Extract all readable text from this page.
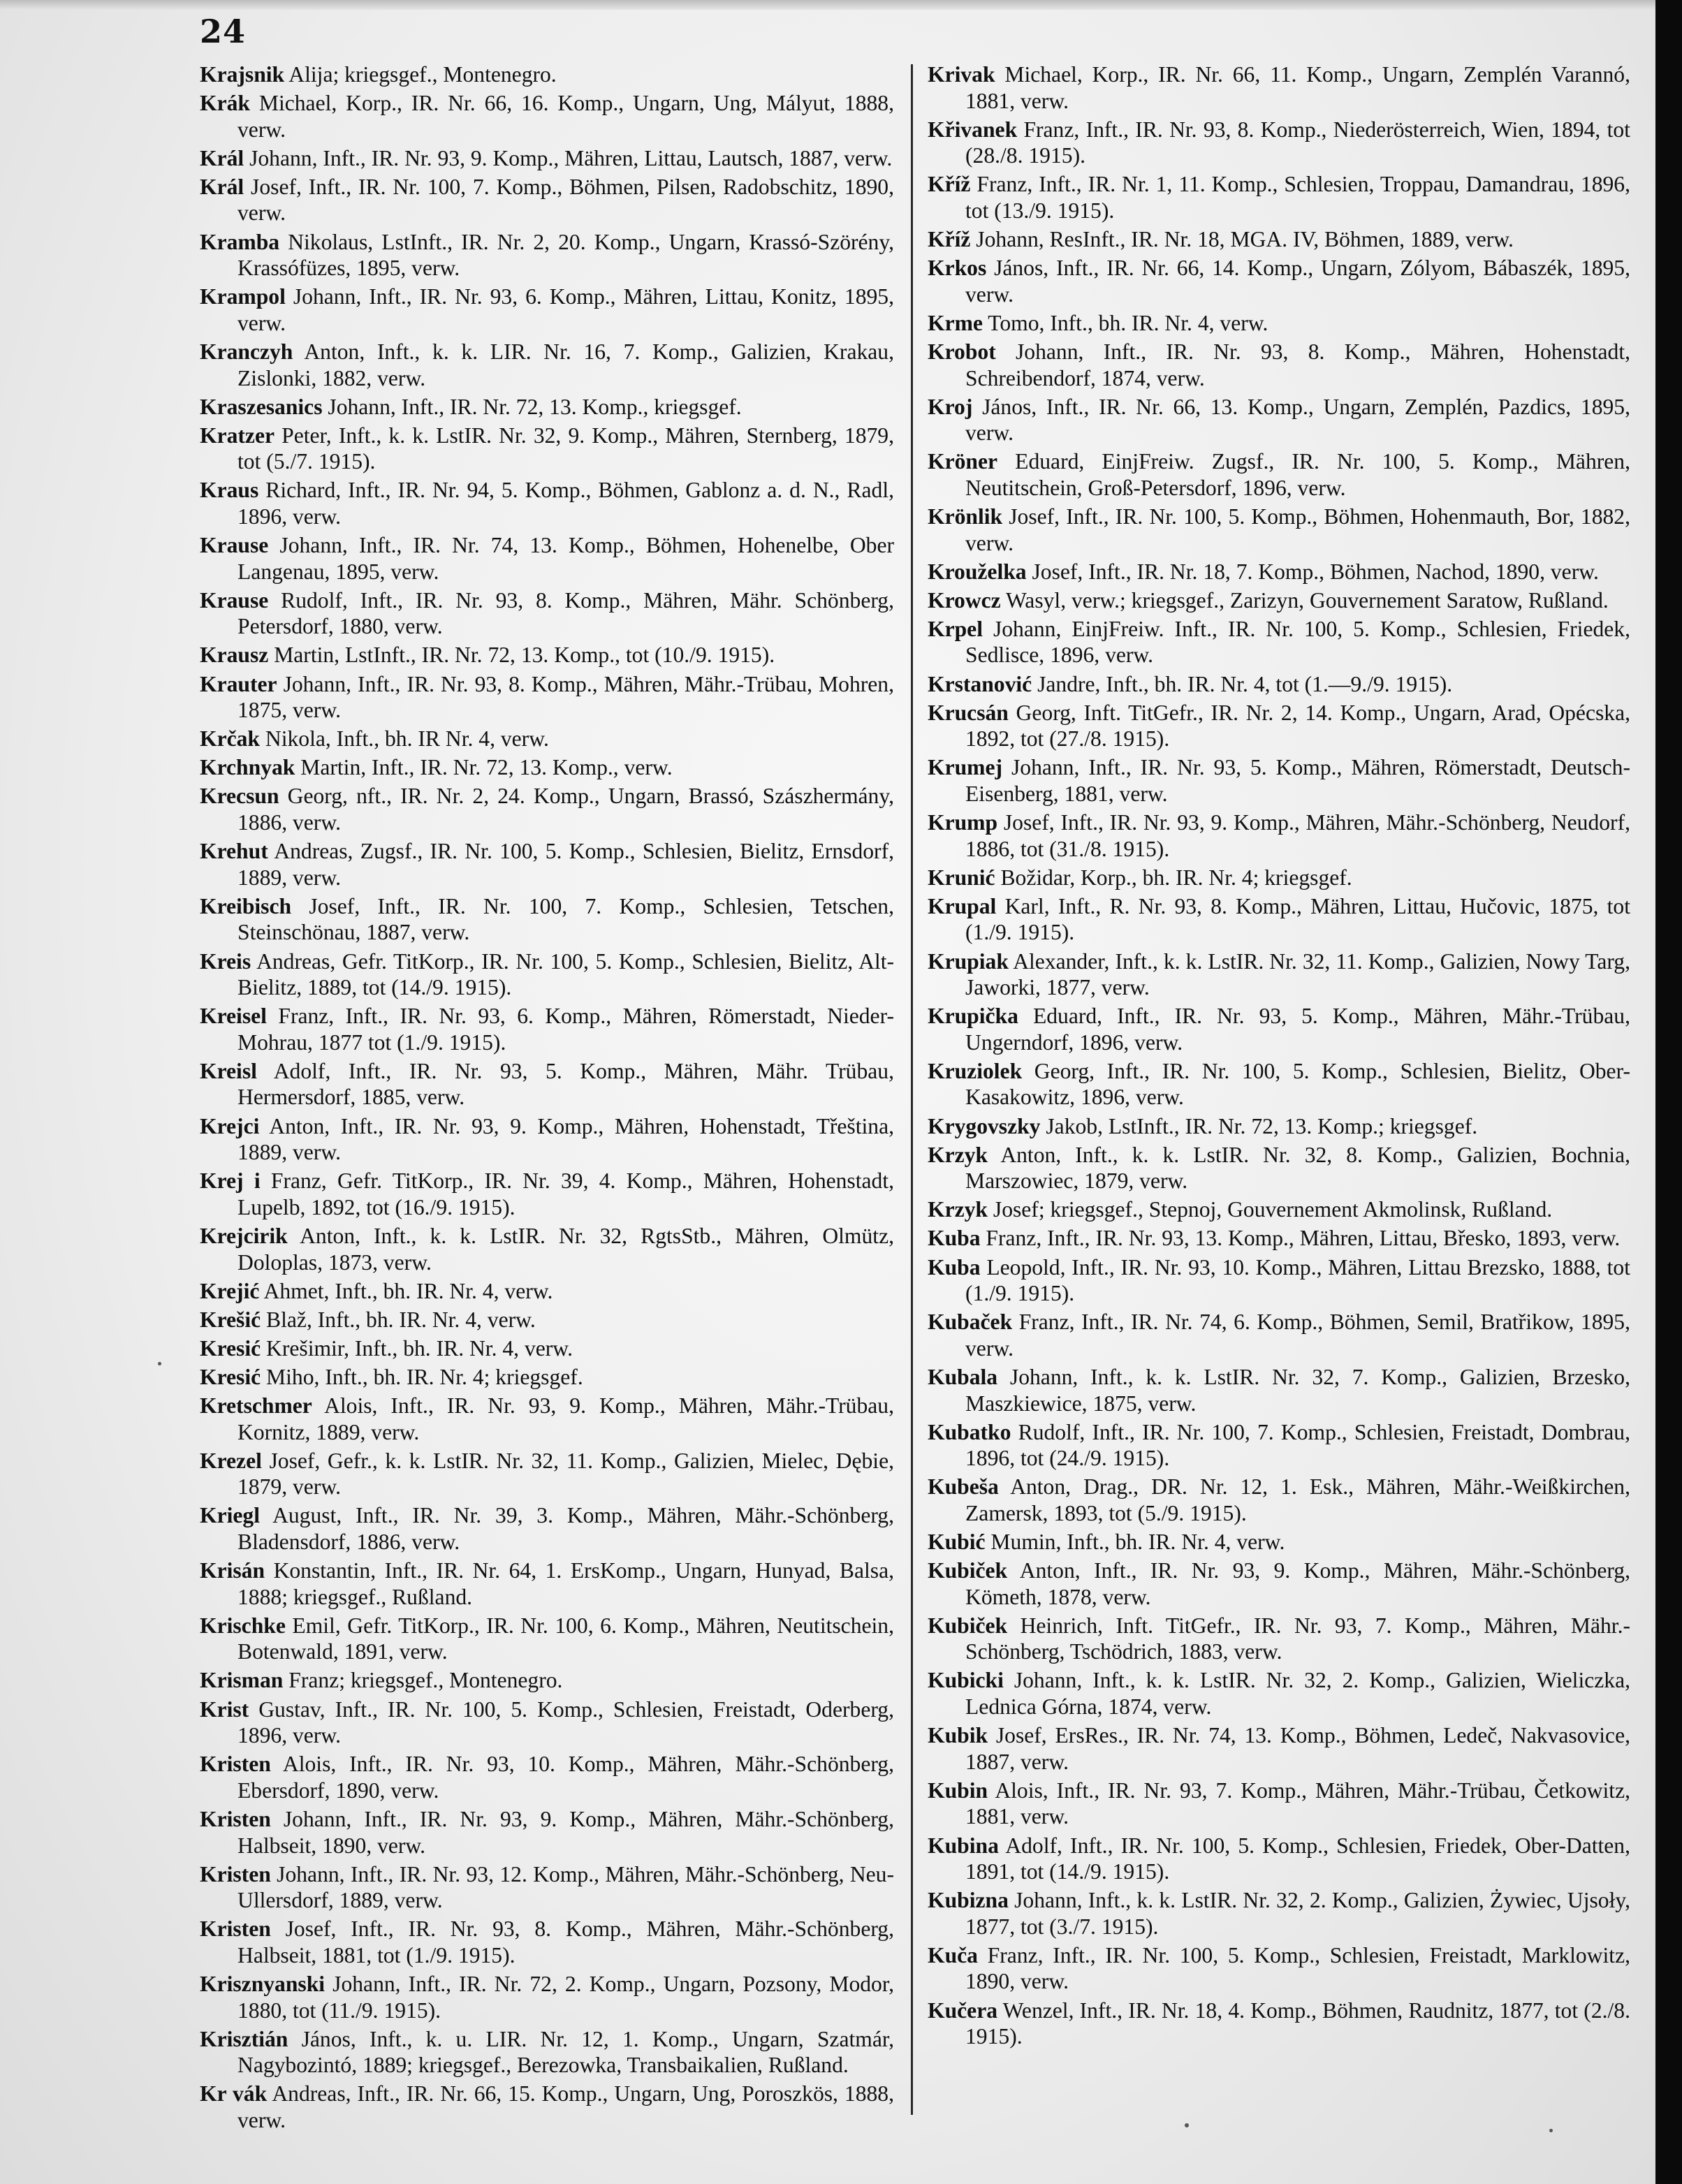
24
Krajsnik Alija; kriegsgef., Montenegro.
Krák Michael, Korp., IR. Nr. 66, 16. Komp., Ungarn, Ung, Mályut, 1888, verw.
Král Johann, Inft., IR. Nr. 93, 9. Komp., Mähren, Littau, Lautsch, 1887, verw.
Král Josef, Inft., IR. Nr. 100, 7. Komp., Böhmen, Pilsen, Radobschitz, 1890, verw.
Kramba Nikolaus, LstInft., IR. Nr. 2, 20. Komp., Ungarn, Krassó-Szörény, Krassófüzes, 1895, verw.
Krampol Johann, Inft., IR. Nr. 93, 6. Komp., Mähren, Littau, Konitz, 1895, verw.
Kranczyh Anton, Inft., k. k. LIR. Nr. 16, 7. Komp., Galizien, Krakau, Zislonki, 1882, verw.
Kraszesanics Johann, Inft., IR. Nr. 72, 13. Komp., kriegsgef.
Kratzer Peter, Inft., k. k. LstIR. Nr. 32, 9. Komp., Mähren, Sternberg, 1879, tot (5./7. 1915).
Kraus Richard, Inft., IR. Nr. 94, 5. Komp., Böhmen, Gablonz a. d. N., Radl, 1896, verw.
Krause Johann, Inft., IR. Nr. 74, 13. Komp., Böhmen, Hohenelbe, Ober Langenau, 1895, verw.
Krause Rudolf, Inft., IR. Nr. 93, 8. Komp., Mähren, Mähr. Schönberg, Petersdorf, 1880, verw.
Krausz Martin, LstInft., IR. Nr. 72, 13. Komp., tot (10./9. 1915).
Krauter Johann, Inft., IR. Nr. 93, 8. Komp., Mähren, Mähr.-Trübau, Mohren, 1875, verw.
Krčak Nikola, Inft., bh. IR Nr. 4, verw.
Krchnyak Martin, Inft., IR. Nr. 72, 13. Komp., verw.
Krecsun Georg, nft., IR. Nr. 2, 24. Komp., Ungarn, Brassó, Szászhermány, 1886, verw.
Krehut Andreas, Zugsf., IR. Nr. 100, 5. Komp., Schlesien, Bielitz, Ernsdorf, 1889, verw.
Kreibisch Josef, Inft., IR. Nr. 100, 7. Komp., Schlesien, Tetschen, Steinschönau, 1887, verw.
Kreis Andreas, Gefr. TitKorp., IR. Nr. 100, 5. Komp., Schlesien, Bielitz, Alt-Bielitz, 1889, tot (14./9. 1915).
Kreisel Franz, Inft., IR. Nr. 93, 6. Komp., Mähren, Römerstadt, Nieder-Mohrau, 1877 tot (1./9. 1915).
Kreisl Adolf, Inft., IR. Nr. 93, 5. Komp., Mähren, Mähr. Trübau, Hermersdorf, 1885, verw.
Krejci Anton, Inft., IR. Nr. 93, 9. Komp., Mähren, Hohenstadt, Třeština, 1889, verw.
Krej i Franz, Gefr. TitKorp., IR. Nr. 39, 4. Komp., Mähren, Hohenstadt, Lupelb, 1892, tot (16./9. 1915).
Krejcirik Anton, Inft., k. k. LstIR. Nr. 32, RgtsStb., Mähren, Olmütz, Doloplas, 1873, verw.
Krejić Ahmet, Inft., bh. IR. Nr. 4, verw.
Krešić Blaž, Inft., bh. IR. Nr. 4, verw.
Kresić Krešimir, Inft., bh. IR. Nr. 4, verw.
Kresić Miho, Inft., bh. IR. Nr. 4; kriegsgef.
Kretschmer Alois, Inft., IR. Nr. 93, 9. Komp., Mähren, Mähr.-Trübau, Kornitz, 1889, verw.
Krezel Josef, Gefr., k. k. LstIR. Nr. 32, 11. Komp., Galizien, Mielec, Dębie, 1879, verw.
Kriegl August, Inft., IR. Nr. 39, 3. Komp., Mähren, Mähr.-Schönberg, Bladensdorf, 1886, verw.
Krisán Konstantin, Inft., IR. Nr. 64, 1. ErsKomp., Ungarn, Hunyad, Balsa, 1888; kriegsgef., Rußland.
Krischke Emil, Gefr. TitKorp., IR. Nr. 100, 6. Komp., Mähren, Neutitschein, Botenwald, 1891, verw.
Krisman Franz; kriegsgef., Montenegro.
Krist Gustav, Inft., IR. Nr. 100, 5. Komp., Schlesien, Freistadt, Oderberg, 1896, verw.
Kristen Alois, Inft., IR. Nr. 93, 10. Komp., Mähren, Mähr.-Schönberg, Ebersdorf, 1890, verw.
Kristen Johann, Inft., IR. Nr. 93, 9. Komp., Mähren, Mähr.-Schönberg, Halbseit, 1890, verw.
Kristen Johann, Inft., IR. Nr. 93, 12. Komp., Mähren, Mähr.-Schönberg, Neu-Ullersdorf, 1889, verw.
Kristen Josef, Inft., IR. Nr. 93, 8. Komp., Mähren, Mähr.-Schönberg, Halbseit, 1881, tot (1./9. 1915).
Krisznyanski Johann, Inft., IR. Nr. 72, 2. Komp., Ungarn, Pozsony, Modor, 1880, tot (11./9. 1915).
Krisztián János, Inft., k. u. LIR. Nr. 12, 1. Komp., Ungarn, Szatmár, Nagybozintó, 1889; kriegsgef., Berezowka, Transbaikalien, Rußland.
Kr vák Andreas, Inft., IR. Nr. 66, 15. Komp., Ungarn, Ung, Poroszkös, 1888, verw.
Krivak Michael, Korp., IR. Nr. 66, 11. Komp., Ungarn, Zemplén Varannó, 1881, verw.
Křivanek Franz, Inft., IR. Nr. 93, 8. Komp., Niederösterreich, Wien, 1894, tot (28./8. 1915).
Kříž Franz, Inft., IR. Nr. 1, 11. Komp., Schlesien, Troppau, Damandrau, 1896, tot (13./9. 1915).
Kříž Johann, ResInft., IR. Nr. 18, MGA. IV, Böhmen, 1889, verw.
Krkos János, Inft., IR. Nr. 66, 14. Komp., Ungarn, Zólyom, Bábaszék, 1895, verw.
Krme Tomo, Inft., bh. IR. Nr. 4, verw.
Krobot Johann, Inft., IR. Nr. 93, 8. Komp., Mähren, Hohenstadt, Schreibendorf, 1874, verw.
Kroj János, Inft., IR. Nr. 66, 13. Komp., Ungarn, Zemplén, Pazdics, 1895, verw.
Kröner Eduard, EinjFreiw. Zugsf., IR. Nr. 100, 5. Komp., Mähren, Neutitschein, Groß-Petersdorf, 1896, verw.
Krönlik Josef, Inft., IR. Nr. 100, 5. Komp., Böhmen, Hohenmauth, Bor, 1882, verw.
Krouželka Josef, Inft., IR. Nr. 18, 7. Komp., Böhmen, Nachod, 1890, verw.
Krowcz Wasyl, verw.; kriegsgef., Zarizyn, Gouvernement Saratow, Rußland.
Krpel Johann, EinjFreiw. Inft., IR. Nr. 100, 5. Komp., Schlesien, Friedek, Sedlisce, 1896, verw.
Krstanović Jandre, Inft., bh. IR. Nr. 4, tot (1.—9./9. 1915).
Krucsán Georg, Inft. TitGefr., IR. Nr. 2, 14. Komp., Ungarn, Arad, Opécska, 1892, tot (27./8. 1915).
Krumej Johann, Inft., IR. Nr. 93, 5. Komp., Mähren, Römerstadt, Deutsch-Eisenberg, 1881, verw.
Krump Josef, Inft., IR. Nr. 93, 9. Komp., Mähren, Mähr.-Schönberg, Neudorf, 1886, tot (31./8. 1915).
Krunić Božidar, Korp., bh. IR. Nr. 4; kriegsgef.
Krupal Karl, Inft., R. Nr. 93, 8. Komp., Mähren, Littau, Hučovic, 1875, tot (1./9. 1915).
Krupiak Alexander, Inft., k. k. LstIR. Nr. 32, 11. Komp., Galizien, Nowy Targ, Jaworki, 1877, verw.
Krupička Eduard, Inft., IR. Nr. 93, 5. Komp., Mähren, Mähr.-Trübau, Ungerndorf, 1896, verw.
Kruziolek Georg, Inft., IR. Nr. 100, 5. Komp., Schlesien, Bielitz, Ober-Kasakowitz, 1896, verw.
Krygovszky Jakob, LstInft., IR. Nr. 72, 13. Komp.; kriegsgef.
Krzyk Anton, Inft., k. k. LstIR. Nr. 32, 8. Komp., Galizien, Bochnia, Marszowiec, 1879, verw.
Krzyk Josef; kriegsgef., Stepnoj, Gouvernement Akmolinsk, Rußland.
Kuba Franz, Inft., IR. Nr. 93, 13. Komp., Mähren, Littau, Břesko, 1893, verw.
Kuba Leopold, Inft., IR. Nr. 93, 10. Komp., Mähren, Littau Brezsko, 1888, tot (1./9. 1915).
Kubaček Franz, Inft., IR. Nr. 74, 6. Komp., Böhmen, Semil, Bratřikow, 1895, verw.
Kubala Johann, Inft., k. k. LstIR. Nr. 32, 7. Komp., Galizien, Brzesko, Maszkiewice, 1875, verw.
Kubatko Rudolf, Inft., IR. Nr. 100, 7. Komp., Schlesien, Freistadt, Dombrau, 1896, tot (24./9. 1915).
Kubeša Anton, Drag., DR. Nr. 12, 1. Esk., Mähren, Mähr.-Weißkirchen, Zamersk, 1893, tot (5./9. 1915).
Kubić Mumin, Inft., bh. IR. Nr. 4, verw.
Kubiček Anton, Inft., IR. Nr. 93, 9. Komp., Mähren, Mähr.-Schönberg, Kömeth, 1878, verw.
Kubiček Heinrich, Inft. TitGefr., IR. Nr. 93, 7. Komp., Mähren, Mähr.-Schönberg, Tschödrich, 1883, verw.
Kubicki Johann, Inft., k. k. LstIR. Nr. 32, 2. Komp., Galizien, Wieliczka, Lednica Górna, 1874, verw.
Kubik Josef, ErsRes., IR. Nr. 74, 13. Komp., Böhmen, Ledeč, Nakvasovice, 1887, verw.
Kubin Alois, Inft., IR. Nr. 93, 7. Komp., Mähren, Mähr.-Trübau, Četkowitz, 1881, verw.
Kubina Adolf, Inft., IR. Nr. 100, 5. Komp., Schlesien, Friedek, Ober-Datten, 1891, tot (14./9. 1915).
Kubizna Johann, Inft., k. k. LstIR. Nr. 32, 2. Komp., Galizien, Żywiec, Ujsoły, 1877, tot (3./7. 1915).
Kuča Franz, Inft., IR. Nr. 100, 5. Komp., Schlesien, Freistadt, Marklowitz, 1890, verw.
Kučera Wenzel, Inft., IR. Nr. 18, 4. Komp., Böhmen, Raudnitz, 1877, tot (2./8. 1915).
